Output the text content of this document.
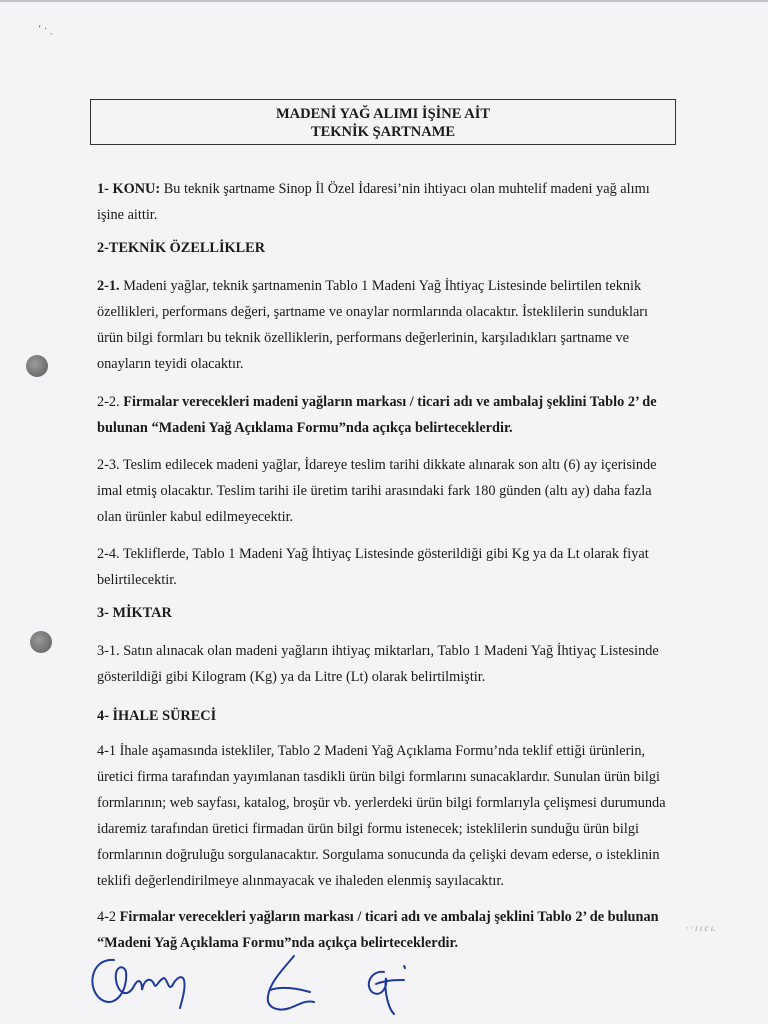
‘ · ˏ
MADENİ YAĞ ALIMI İŞİNE AİT
TEKNİK ŞARTNAME
1- KONU: Bu teknik şartname Sinop İl Özel İdaresi’nin ihtiyacı olan muhtelif madeni yağ alımı
işine aittir.
2-TEKNİK ÖZELLİKLER
2-1. Madeni yağlar, teknik şartnamenin Tablo 1 Madeni Yağ İhtiyaç Listesinde belirtilen teknik
özellikleri, performans değeri, şartname ve onaylar normlarında olacaktır. İsteklilerin sundukları
ürün bilgi formları bu teknik özelliklerin, performans değerlerinin, karşıladıkları şartname ve
onayların teyidi olacaktır.
2-2. Firmalar verecekleri madeni yağların markası / ticari adı ve ambalaj şeklini Tablo 2’ de
bulunan “Madeni Yağ Açıklama Formu”nda açıkça belirteceklerdir.
2-3. Teslim edilecek madeni yağlar, İdareye teslim tarihi dikkate alınarak son altı (6) ay içerisinde
imal etmiş olacaktır. Teslim tarihi ile üretim tarihi arasındaki fark 180 günden (altı ay) daha fazla
olan ürünler kabul edilmeyecektir.
2-4. Tekliflerde, Tablo 1 Madeni Yağ İhtiyaç Listesinde gösterildiği gibi Kg ya da Lt olarak fiyat
belirtilecektir.
3- MİKTAR
3-1. Satın alınacak olan madeni yağların ihtiyaç miktarları, Tablo 1 Madeni Yağ İhtiyaç Listesinde
gösterildiği gibi Kilogram (Kg) ya da Litre (Lt) olarak belirtilmiştir.
4- İHALE SÜRECİ
4-1 İhale aşamasında istekliler, Tablo 2 Madeni Yağ Açıklama Formu’nda teklif ettiği ürünlerin,
üretici firma tarafından yayımlanan tasdikli ürün bilgi formlarını sunacaklardır. Sunulan ürün bilgi
formlarının; web sayfası, katalog, broşür vb. yerlerdeki ürün bilgi formlarıyla çelişmesi durumunda
idaremiz tarafından üretici firmadan ürün bilgi formu istenecek; isteklilerin sunduğu ürün bilgi
formlarının doğruluğu sorgulanacaktır. Sorgulama sonucunda da çelişki devam ederse, o isteklinin
teklifi değerlendirilmeye alınmayacak ve ihaleden elenmiş sayılacaktır.
4-2 Firmalar verecekleri yağların markası / ticari adı ve ambalaj şeklini Tablo 2’ de bulunan
“Madeni Yağ Açıklama Formu”nda açıkça belirteceklerdir.
· · ı ı c ı.
